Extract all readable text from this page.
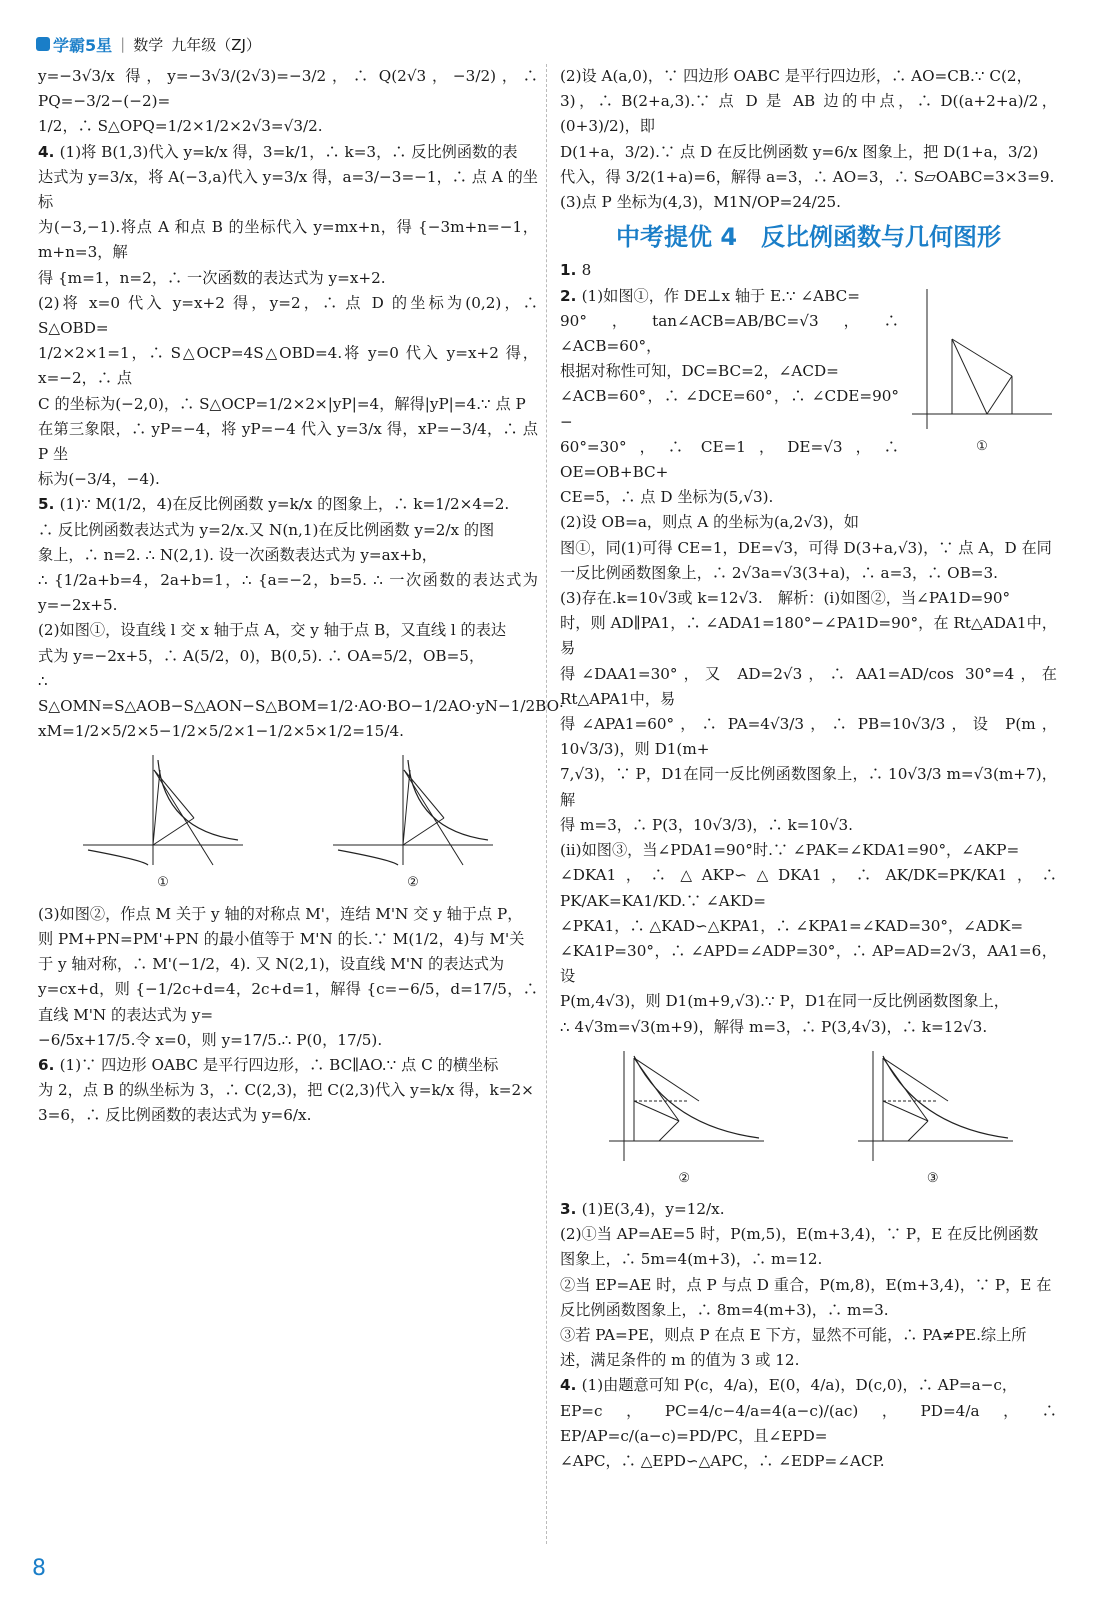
学霸5星 | 数学 九年级（ZJ）

y=−3√3/x 得，y=−3√3/(2√3)=−3/2，∴ Q(2√3，−3/2)，∴ PQ=−3/2−(−2)=

1/2，∴ S△OPQ=1/2×1/2×2√3=√3/2.

4. (1)将 B(1,3)代入 y=k/x 得，3=k/1，∴ k=3，∴ 反比例函数的表

达式为 y=3/x，将 A(−3,a)代入 y=3/x 得，a=3/−3=−1，∴ 点 A 的坐标

为(−3,−1).将点 A 和点 B 的坐标代入 y=mx+n，得 {−3m+n=−1，m+n=3，解

得 {m=1，n=2，∴ 一次函数的表达式为 y=x+2.

(2)将 x=0 代入 y=x+2 得，y=2，∴ 点 D 的坐标为(0,2)，∴ S△OBD=

1/2×2×1=1，∴ S△OCP=4S△OBD=4.将 y=0 代入 y=x+2 得，x=−2，∴ 点

C 的坐标为(−2,0)，∴ S△OCP=1/2×2×|yP|=4，解得|yP|=4.∵ 点 P

在第三象限，∴ yP=−4，将 yP=−4 代入 y=3/x 得，xP=−3/4，∴ 点 P 坐

标为(−3/4，−4).

5. (1)∵ M(1/2，4)在反比例函数 y=k/x 的图象上，∴ k=1/2×4=2.

∴ 反比例函数表达式为 y=2/x.又 N(n,1)在反比例函数 y=2/x 的图

象上，∴ n=2. ∴ N(2,1). 设一次函数表达式为 y=ax+b，

∴ {1/2a+b=4，2a+b=1，∴ {a=−2，b=5. ∴ 一次函数的表达式为 y=−2x+5.

(2)如图①，设直线 l 交 x 轴于点 A，交 y 轴于点 B，又直线 l 的表达

式为 y=−2x+5，∴ A(5/2，0)，B(0,5). ∴ OA=5/2，OB=5，

∴ S△OMN=S△AOB−S△AON−S△BOM=1/2·AO·BO−1/2AO·yN−1/2BO·

xM=1/2×5/2×5−1/2×5/2×1−1/2×5×1/2=15/4.

①	②

(3)如图②，作点 M 关于 y 轴的对称点 M'，连结 M'N 交 y 轴于点 P，

则 PM+PN=PM'+PN 的最小值等于 M'N 的长.∵ M(1/2，4)与 M'关

于 y 轴对称，∴ M'(−1/2，4). 又 N(2,1)，设直线 M'N 的表达式为

y=cx+d，则 {−1/2c+d=4，2c+d=1，解得 {c=−6/5，d=17/5，∴ 直线 M'N 的表达式为 y=

−6/5x+17/5.令 x=0，则 y=17/5.∴ P(0，17/5).

6. (1)∵ 四边形 OABC 是平行四边形，∴ BC∥AO.∵ 点 C 的横坐标

为 2，点 B 的纵坐标为 3，∴ C(2,3)，把 C(2,3)代入 y=k/x 得，k=2×

3=6，∴ 反比例函数的表达式为 y=6/x.

(2)设 A(a,0)，∵ 四边形 OABC 是平行四边形，∴ AO=CB.∵ C(2，

3)，∴ B(2+a,3).∵ 点 D 是 AB 边的中点，∴ D((a+2+a)/2，(0+3)/2)，即

D(1+a，3/2).∵ 点 D 在反比例函数 y=6/x 图象上，把 D(1+a，3/2)

代入，得 3/2(1+a)=6，解得 a=3，∴ AO=3，∴ S▱OABC=3×3=9.

(3)点 P 坐标为(4,3)，M1N/OP=24/25.

中考提优 4　反比例函数与几何图形

1. 8

①

2. (1)如图①，作 DE⊥x 轴于 E.∵ ∠ABC=

90°，tan∠ACB=AB/BC=√3，∴ ∠ACB=60°，

根据对称性可知，DC=BC=2，∠ACD=

∠ACB=60°，∴ ∠DCE=60°，∴ ∠CDE=90°−

60°=30°，∴ CE=1，DE=√3，∴ OE=OB+BC+

CE=5，∴ 点 D 坐标为(5,√3).

(2)设 OB=a，则点 A 的坐标为(a,2√3)，如

图①，同(1)可得 CE=1，DE=√3，可得 D(3+a,√3)，∵ 点 A，D 在同

一反比例函数图象上，∴ 2√3a=√3(3+a)，∴ a=3，∴ OB=3.

(3)存在.k=10√3或 k=12√3.　解析：(ⅰ)如图②，当∠PA1D=90°

时，则 AD∥PA1，∴ ∠ADA1=180°−∠PA1D=90°，在 Rt△ADA1中，易

得∠DAA1=30°，又 AD=2√3，∴ AA1=AD/cos 30°=4，在 Rt△APA1中，易

得∠APA1=60°，∴ PA=4√3/3，∴ PB=10√3/3，设 P(m，10√3/3)，则 D1(m+

7,√3)，∵ P，D1在同一反比例函数图象上，∴ 10√3/3 m=√3(m+7)，解

得 m=3，∴ P(3，10√3/3)，∴ k=10√3.

(ⅱ)如图③，当∠PDA1=90°时.∵ ∠PAK=∠KDA1=90°，∠AKP=

∠DKA1，∴ △AKP∽△DKA1，∴ AK/DK=PK/KA1，∴ PK/AK=KA1/KD.∵ ∠AKD=

∠PKA1，∴ △KAD∽△KPA1，∴ ∠KPA1=∠KAD=30°，∠ADK=

∠KA1P=30°，∴ ∠APD=∠ADP=30°，∴ AP=AD=2√3，AA1=6，设

P(m,4√3)，则 D1(m+9,√3).∵ P，D1在同一反比例函数图象上，

∴ 4√3m=√3(m+9)，解得 m=3，∴ P(3,4√3)，∴ k=12√3.

②	③

3. (1)E(3,4)，y=12/x.

(2)①当 AP=AE=5 时，P(m,5)，E(m+3,4)，∵ P，E 在反比例函数

图象上，∴ 5m=4(m+3)，∴ m=12.

②当 EP=AE 时，点 P 与点 D 重合，P(m,8)，E(m+3,4)，∵ P，E 在

反比例函数图象上，∴ 8m=4(m+3)，∴ m=3.

③若 PA=PE，则点 P 在点 E 下方，显然不可能，∴ PA≠PE.综上所

述，满足条件的 m 的值为 3 或 12.

4. (1)由题意可知 P(c，4/a)，E(0，4/a)，D(c,0)，∴ AP=a−c，

EP=c，PC=4/c−4/a=4(a−c)/(ac)，PD=4/a，∴ EP/AP=c/(a−c)=PD/PC，且∠EPD=

∠APC，∴ △EPD∽△APC，∴ ∠EDP=∠ACP.

8
